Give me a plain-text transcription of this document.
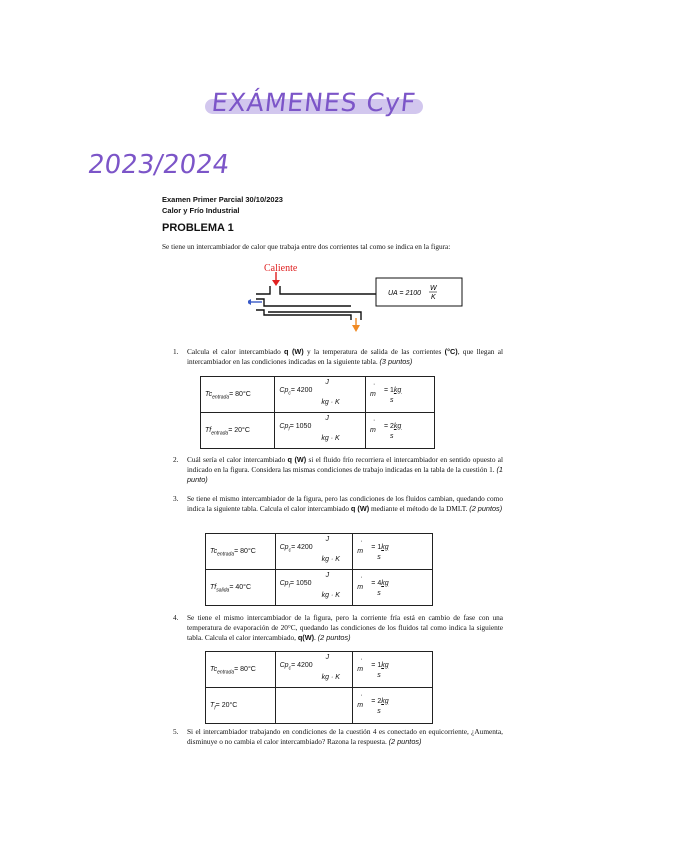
EXÁMENES CyF
2023/2024
Examen Primer Parcial 30/10/2023
Calor y Frío Industrial
PROBLEMA 1
Se tiene un intercambiador de calor que trabaja entre dos corrientes tal como se indica en la figura:
Caliente
UA = 2100
W
K
1. Calcula el calor intercambiado q (W) y la temperatura de salida de las corrientes (°C), que llegan al intercambiador en las condiciones indicadas en la siguiente tabla. (3 puntos)
$Tc_{entrada}= 80^\circ C$	$Cp_c= 4200$
J
kg · K	·
m
= 1kg
s

$Tf_{entrada}= 20^\circ C$	$Cp_f= 1050$
J
kg · K	·
m
= 2kg
s
2. Cuál sería el calor intercambiado q (W) si el fluido frío recorriera el intercambiador en sentido opuesto al indicado en la figura. Considera las mismas condiciones de trabajo indicadas en la tabla de la cuestión 1. (1 punto)
3. Se tiene el mismo intercambiador de la figura, pero las condiciones de los fluidos cambian, quedando como indica la siguiente tabla. Calcula el calor intercambiado q (W) mediante el método de la DMLT. (2 puntos)
$Tc_{entrada}= 80^\circ C$	$Cp_c= 4200$
J
kg · K	·
m
= 1kg
s

$Tf_{salida}= 40^\circ C$	$Cp_f= 1050$
J
kg · K	·
m
= 4kg
s
4. Se tiene el mismo intercambiador de la figura, pero la corriente fría está en cambio de fase con una temperatura de evaporación de 20°C, quedando las condiciones de los fluidos tal como indica la siguiente tabla. Calcula el calor intercambiado, q(W). (2 puntos)
$Tc_{entrada}= 80^\circ C$	$Cp_c= 4200$
J
kg · K	·
m
= 1kg
s

$T_f= 20^\circ C$		·
m
= 2kg
s
5. Si el intercambiador trabajando en condiciones de la cuestión 4 es conectado en equicorriente, ¿Aumenta, disminuye o no cambia el calor intercambiado? Razona la respuesta. (2 puntos)
